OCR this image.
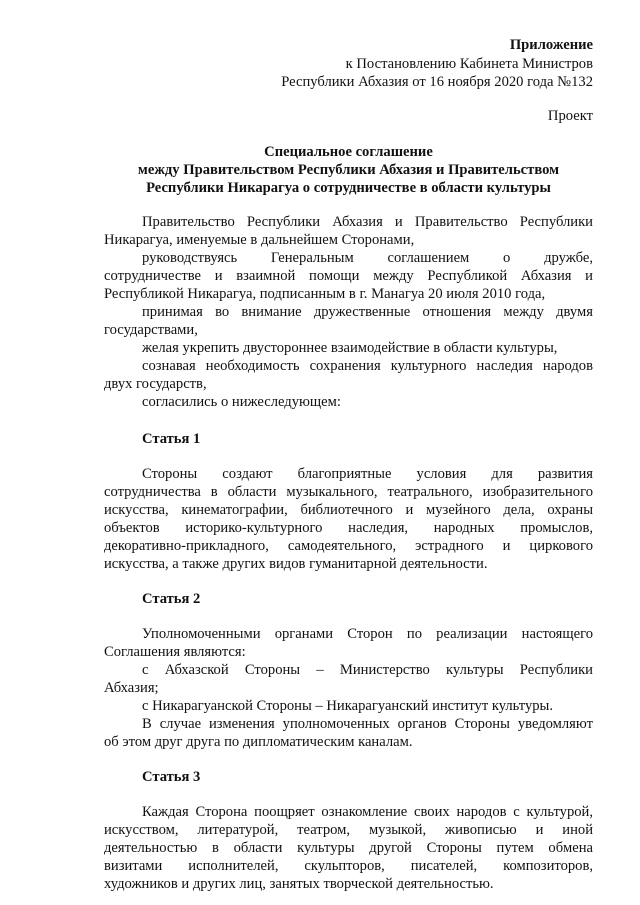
Приложение
к Постановлению Кабинета Министров
Республики Абхазия от 16 ноября 2020 года №132
Проект
Специальное соглашение
между Правительством Республики Абхазия и Правительством
Республики Никарагуа о сотрудничестве в области культуры
Правительство Республики Абхазия и Правительство Республики
Никарагуа, именуемые в дальнейшем Сторонами,
руководствуясь Генеральным соглашением о дружбе,
сотрудничестве и взаимной помощи между Республикой Абхазия и
Республикой Никарагуа, подписанным в г. Манагуа 20 июля 2010 года,
принимая во внимание дружественные отношения между двумя
государствами,
желая укрепить двустороннее взаимодействие в области культуры,
сознавая необходимость сохранения культурного наследия народов
двух государств,
согласились о нижеследующем:
Статья 1
Стороны создают благоприятные условия для развития
сотрудничества в области музыкального, театрального, изобразительного
искусства, кинематографии, библиотечного и музейного дела, охраны
объектов историко-культурного наследия, народных промыслов,
декоративно-прикладного, самодеятельного, эстрадного и циркового
искусства, а также других видов гуманитарной деятельности.
Статья 2
Уполномоченными органами Сторон по реализации настоящего
Соглашения являются:
с Абхазской Стороны – Министерство культуры Республики
Абхазия;
с Никарагуанской Стороны – Никарагуанский институт культуры.
В случае изменения уполномоченных органов Стороны уведомляют
об этом друг друга по дипломатическим каналам.
Статья 3
Каждая Сторона поощряет ознакомление своих народов с культурой,
искусством, литературой, театром, музыкой, живописью и иной
деятельностью в области культуры другой Стороны путем обмена
визитами исполнителей, скульпторов, писателей, композиторов,
художников и других лиц, занятых творческой деятельностью.
